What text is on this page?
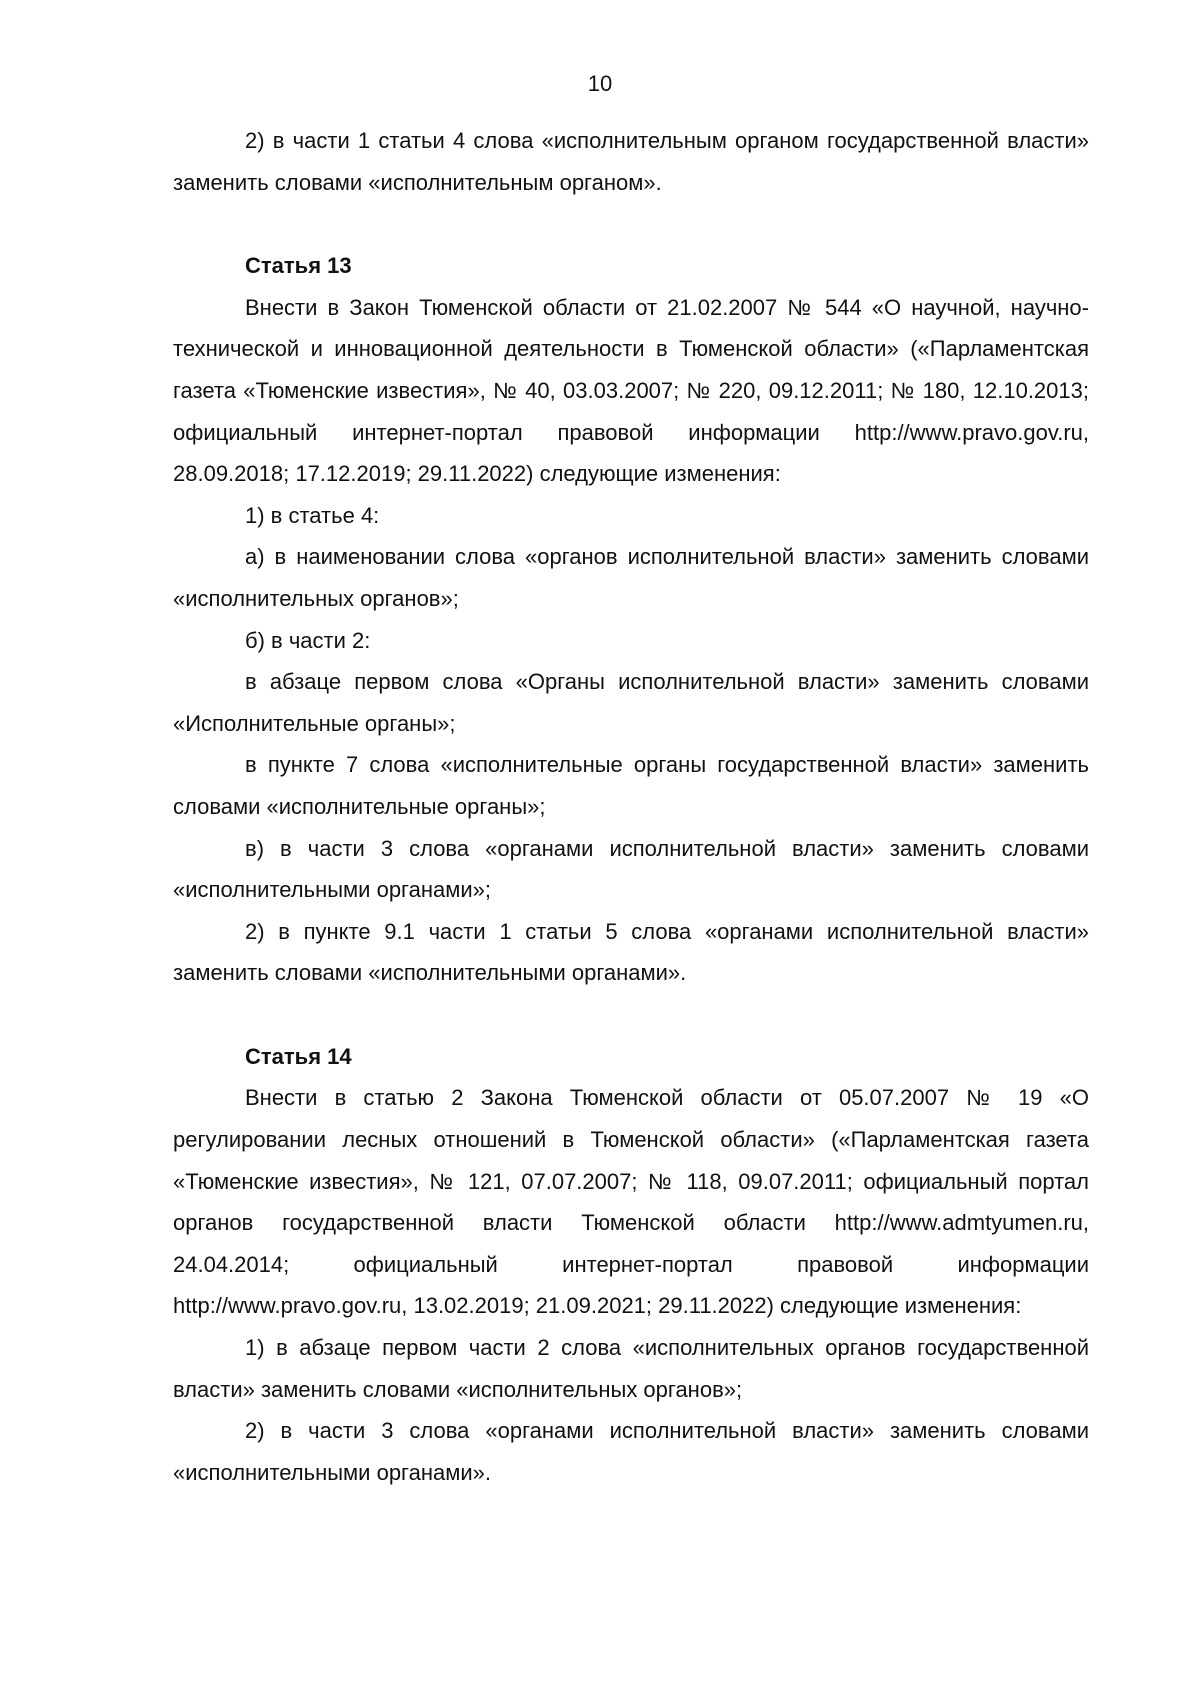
10

2) в части 1 статьи 4 слова «исполнительным органом государственной власти» заменить словами «исполнительным органом».

Статья 13

Внести в Закон Тюменской области от 21.02.2007 № 544 «О научной, научно-технической и инновационной деятельности в Тюменской области» («Парламентская газета «Тюменские известия», № 40, 03.03.2007; № 220, 09.12.2011; № 180, 12.10.2013; официальный интернет-портал правовой информации http://www.pravo.gov.ru, 28.09.2018; 17.12.2019; 29.11.2022) следующие изменения:

1) в статье 4:

а) в наименовании слова «органов исполнительной власти» заменить словами «исполнительных органов»;

б) в части 2:

в абзаце первом слова «Органы исполнительной власти» заменить словами «Исполнительные органы»;

в пункте 7 слова «исполнительные органы государственной власти» заменить словами «исполнительные органы»;

в) в части 3 слова «органами исполнительной власти» заменить словами «исполнительными органами»;

2) в пункте 9.1 части 1 статьи 5 слова «органами исполнительной власти» заменить словами «исполнительными органами».

Статья 14

Внести в статью 2 Закона Тюменской области от 05.07.2007 № 19 «О регулировании лесных отношений в Тюменской области» («Парламентская газета «Тюменские известия», № 121, 07.07.2007; № 118, 09.07.2011; официальный портал органов государственной власти Тюменской области http://www.admtyumen.ru, 24.04.2014; официальный интернет-портал правовой информации http://www.pravo.gov.ru, 13.02.2019; 21.09.2021; 29.11.2022) следующие изменения:

1) в абзаце первом части 2 слова «исполнительных органов государственной власти» заменить словами «исполнительных органов»;

2) в части 3 слова «органами исполнительной власти» заменить словами «исполнительными органами».
